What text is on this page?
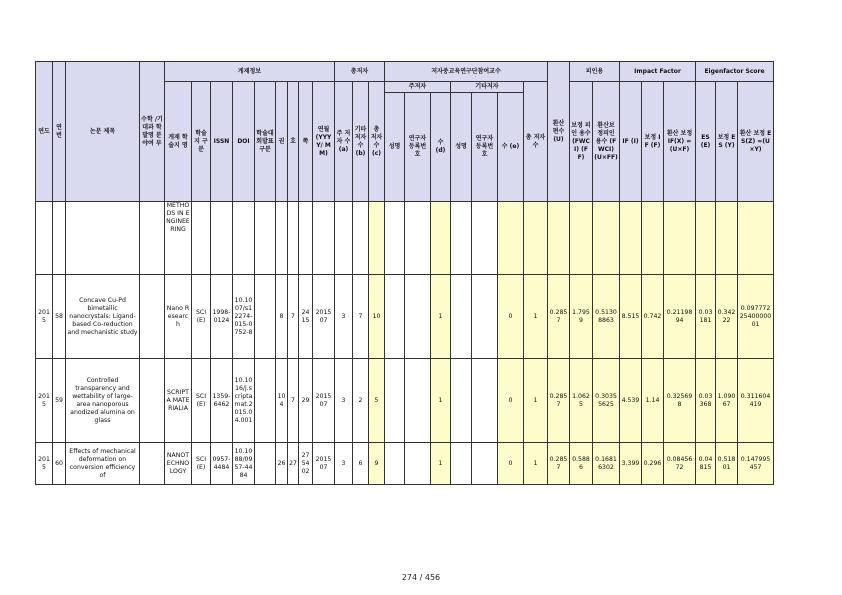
연도	연번	논문 제목	수학 /기대과 학발명 분야여 부	게재정보									총저자			저자중교육연구단참여교수							환산 편수 (U)	피인용		Impact Factor			Eigenfactor Score		
				게재 학술지 명	학술 지 구 분	ISSN	DOI	학술대 회발표 구분	권	호	쪽	연월 (YYYY/ MM)	주 저자 수 (a)	기타 저자 수 (b)	총 저자 수 (c)	주저자			기타저자			총 저자 수		보정 피인 용수 (FWC I) (FF)	환산보 정피인 용수 (FWCI) (U×FF)	IF (I)	보정 IF (F)	환산 보정 IF(X) = (U×F)	ES (E)	보정 ES (Y)	환산 보정 ES(Z) =(U×Y)
																성명	연구자 등록번 호	수 (d)	성명	연구자 등록번 호	수 (e)										
				METHODS IN ENGINEERING																											
2015	58	Concave Cu-Pd bimetallic nanocrystals: Ligand-based Co-reduction and mechanistic study		Nano Research	SCI(E)	1998-0124	10.1007/s12274-015-0752-8		8	7	2415	201507	3	7	10			1			0	1	0.2857	1.7959	0.51308863	8.515	0.742	0.2119894	0.03181	0.34222	0.0977722540000001
2015	59	Controlled transparency and wettability of large-area nanoporous anodized alumina on glass		SCRIPTA MATERIALIA	SCI(E)	1359-6462	10.1016/j.scriptamat.2015.04.001		104	7	29	201507	3	2	5			1			0	1	0.2857	1.0625	0.30355625	4.539	1.14	0.325698	0.03368	1.09067	0.311604419
2015	60	Effects of mechanical deformation on conversion efficiency of		NANOTECHNOLOGY	SCI(E)	0957-4484	10.1088/0957-4484		26	27	275402	201507	3	6	9			1			0	1	0.2857	0.5886	0.16816302	3.399	0.296	0.0845672	0.04815	0.51801	0.147995457
274 / 456
